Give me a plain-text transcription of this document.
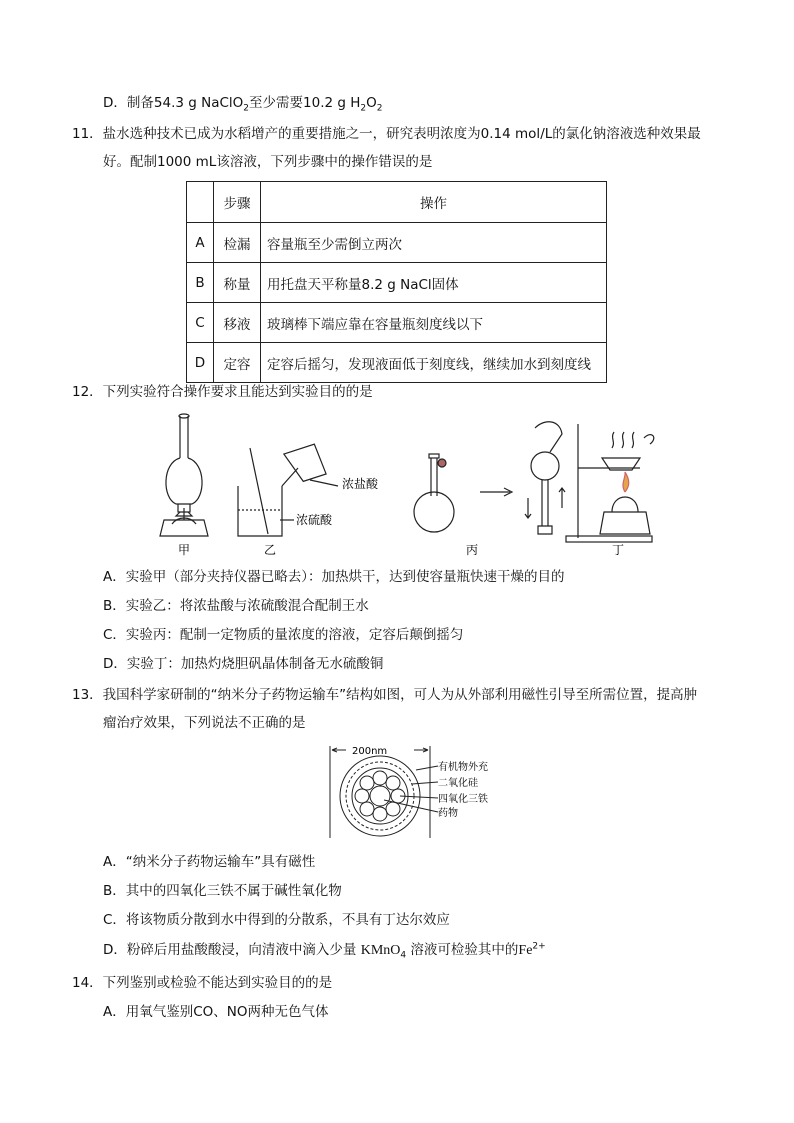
D．制备54.3 g NaClO$_2$至少需要10.2 g $H_2O_2$
11．盐水选种技术已成为水稻增产的重要措施之一，研究表明浓度为0.14 mol/L的氯化钠溶液选种效果最
好。配制1000 mL该溶液，下列步骤中的操作错误的是
	步骤	操作
A	检漏	容量瓶至少需倒立两次
B	称量	用托盘天平称量8.2 g NaCl固体
C	移液	玻璃棒下端应靠在容量瓶刻度线以下
D	定容	定容后摇匀，发现液面低于刻度线，继续加水到刻度线
12．下列实验符合操作要求且能达到实验目的的是
浓盐酸
浓硫酸
甲	乙	丙	丁
A．实验甲（部分夹持仪器已略去）：加热烘干，达到使容量瓶快速干燥的目的
B．实验乙：将浓盐酸与浓硫酸混合配制王水
C．实验丙：配制一定物质的量浓度的溶液，定容后颠倒摇匀
D．实验丁：加热灼烧胆矾晶体制备无水硫酸铜
13．我国科学家研制的“纳米分子药物运输车”结构如图，可人为从外部利用磁性引导至所需位置，提高肿
瘤治疗效果，下列说法不正确的是
200nm
有机物外充
二氧化硅
四氧化三铁
药物
A．“纳米分子药物运输车”具有磁性
B．其中的四氧化三铁不属于碱性氧化物
C．将该物质分散到水中得到的分散系，不具有丁达尔效应
D．粉碎后用盐酸酸浸，向清液中滴入少量 KMnO$_4$ 溶液可检验其中的$Fe^{2+}$
14．下列鉴别或检验不能达到实验目的的是
A．用氧气鉴别CO、NO两种无色气体
